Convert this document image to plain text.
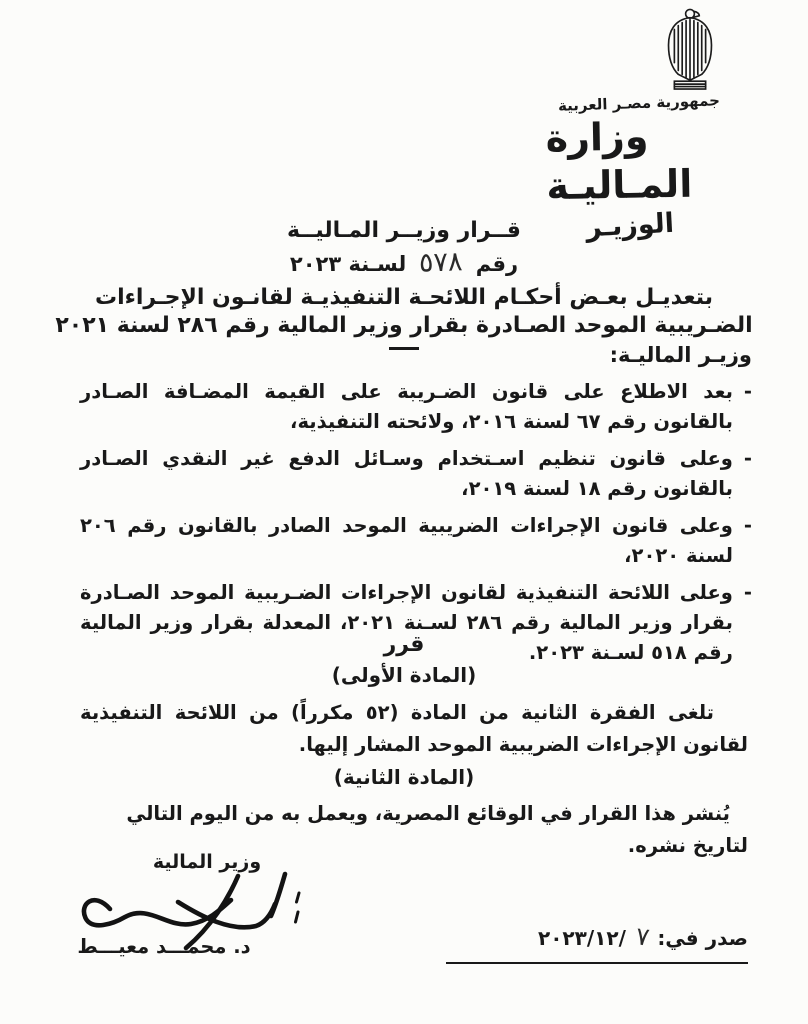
جمهورية مصـر العربية
وزارة المـاليـة
الوزيـر
قــرار وزيــر المـاليــة
رقم
٥٧٨
لسـنة ٢٠٢٣
بتعديـل بعـض أحكـام اللائحـة التنفيذيـة لقانـون الإجـراءات
الضـريبية الموحد الصـادرة بقرار وزير المالية رقم ٢٨٦ لسنة ٢٠٢١
وزيـر الماليـة:
-
بعد الاطلاع على قانون الضـريبة على القيمة المضـافة الصـادر بالقانون رقم ٦٧ لسنة ٢٠١٦، ولائحته التنفيذية،
-
وعلى قانون تنظيم اسـتخدام وسـائل الدفع غير النقدي الصـادر بالقانون رقم ١٨ لسنة ٢٠١٩،
-
وعلى قانون الإجراءات الضريبية الموحد الصادر بالقانون رقم ٢٠٦ لسنة ٢٠٢٠،
-
وعلى اللائحة التنفيذية لقانون الإجراءات الضـريبية الموحد الصـادرة بقرار وزير المالية رقم ٢٨٦ لسـنة ٢٠٢١، المعدلة بقرار وزير المالية رقم ٥١٨ لسـنة ٢٠٢٣.
قرر
(المادة الأولى)
تلغى الفقرة الثانية من المادة (٥٢ مكرراً) من اللائحة التنفيذية لقانون الإجراءات الضريبية الموحد المشار إليها.
(المادة الثانية)
يُنشر هذا القرار في الوقائع المصرية، ويعمل به من اليوم التالي لتاريخ نشره.
وزير المالية
د. محمـــد معيـــط	صدر في:
٧
٢٠٢٣/١٢/
